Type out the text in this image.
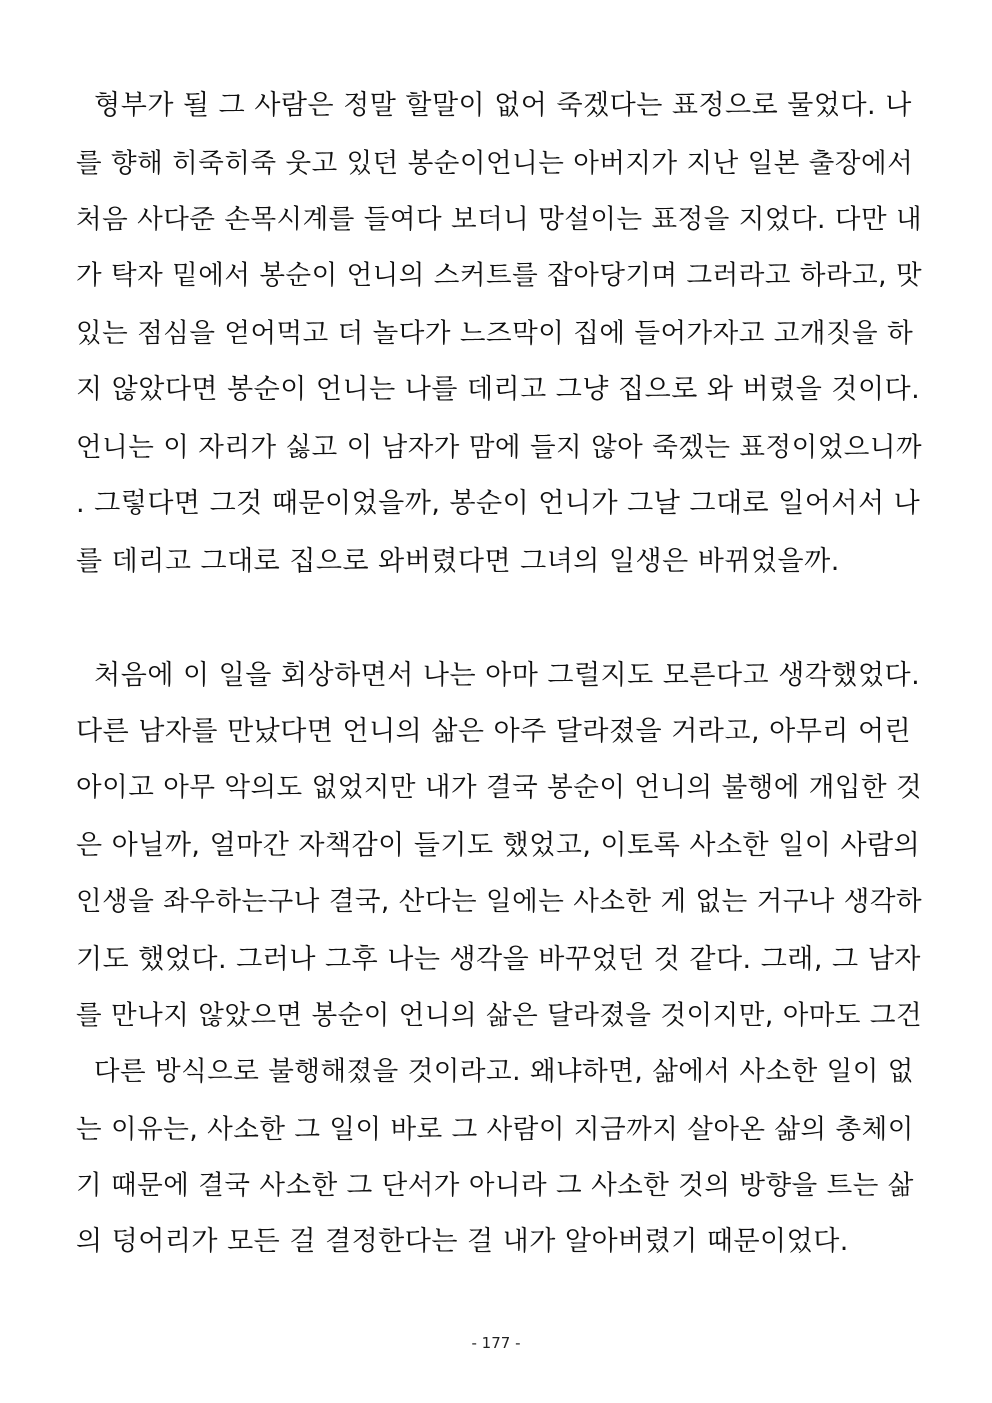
형부가 될 그 사람은 정말 할말이 없어 죽겠다는 표정으로 물었다. 나
를 향해 히죽히죽 웃고 있던 봉순이언니는 아버지가 지난 일본 출장에서
처음 사다준 손목시계를 들여다 보더니 망설이는 표정을 지었다. 다만 내
가 탁자 밑에서 봉순이 언니의 스커트를 잡아당기며 그러라고 하라고, 맛
있는 점심을 얻어먹고 더 놀다가 느즈막이 집에 들어가자고 고개짓을 하
지 않았다면 봉순이 언니는 나를 데리고 그냥 집으로 와 버렸을 것이다.
언니는 이 자리가 싫고 이 남자가 맘에 들지 않아 죽겠는 표정이었으니까
. 그렇다면 그것 때문이었을까, 봉순이 언니가 그날 그대로 일어서서 나
를 데리고 그대로 집으로 와버렸다면 그녀의 일생은 바뀌었을까.
처음에 이 일을 회상하면서 나는 아마 그럴지도 모른다고 생각했었다.
다른 남자를 만났다면 언니의 삶은 아주 달라졌을 거라고, 아무리 어린
아이고 아무 악의도 없었지만 내가 결국 봉순이 언니의 불행에 개입한 것
은 아닐까, 얼마간 자책감이 들기도 했었고, 이토록 사소한 일이 사람의
인생을 좌우하는구나 결국, 산다는 일에는 사소한 게 없는 거구나 생각하
기도 했었다. 그러나 그후 나는 생각을 바꾸었던 것 같다. 그래, 그 남자
를 만나지 않았으면 봉순이 언니의 삶은 달라졌을 것이지만, 아마도 그건
다른 방식으로 불행해졌을 것이라고. 왜냐하면, 삶에서 사소한 일이 없
는 이유는, 사소한 그 일이 바로 그 사람이 지금까지 살아온 삶의 총체이
기 때문에 결국 사소한 그 단서가 아니라 그 사소한 것의 방향을 트는 삶
의 덩어리가 모든 걸 결정한다는 걸 내가 알아버렸기 때문이었다.
- 177 -
